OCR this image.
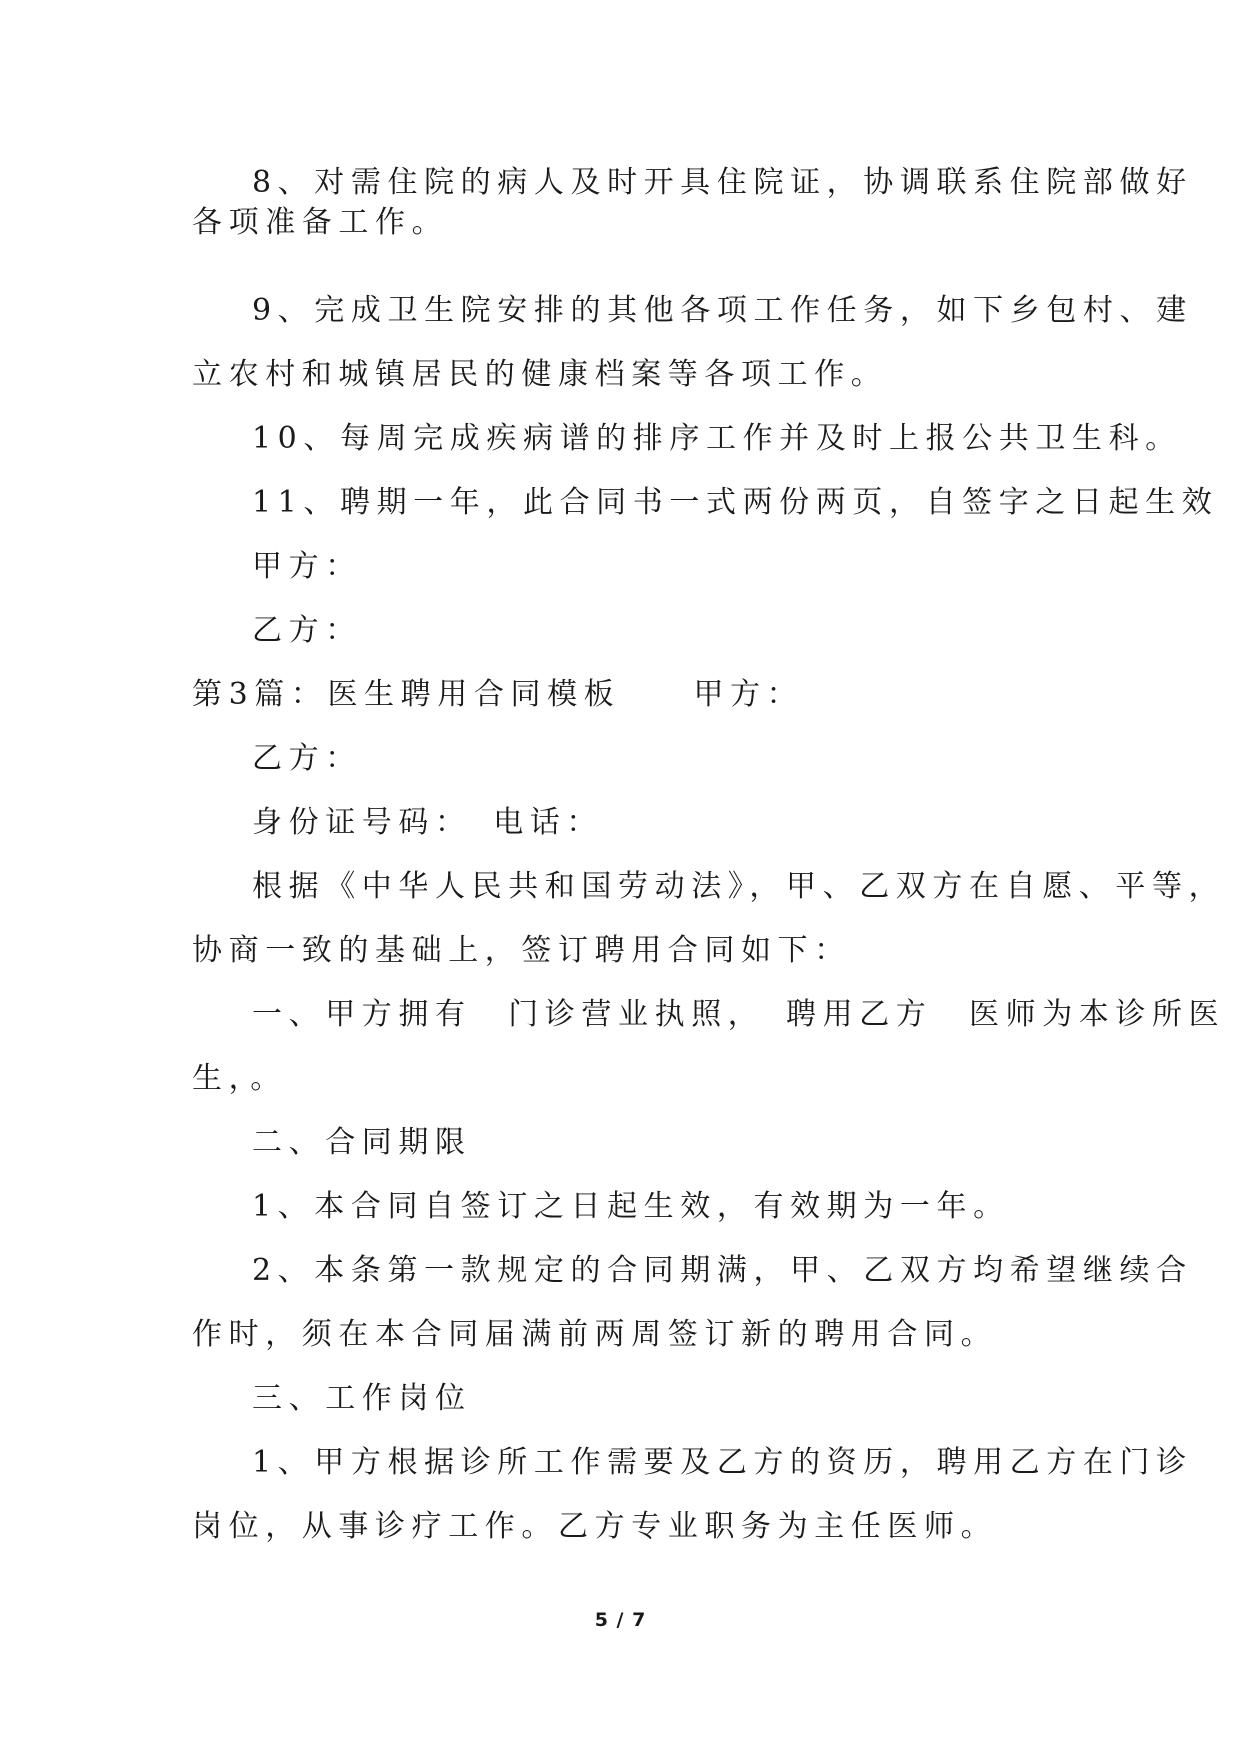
8、对需住院的病人及时开具住院证，协调联系住院部做好
各项准备工作。
9、完成卫生院安排的其他各项工作任务，如下乡包村、建
立农村和城镇居民的健康档案等各项工作。
10、每周完成疾病谱的排序工作并及时上报公共卫生科。
11、聘期一年，此合同书一式两份两页，自签字之日起生效
甲方：
乙方：
第3篇：医生聘用合同模板　　甲方：
乙方：
身份证号码：　电话：
根据《中华人民共和国劳动法》，甲、乙双方在自愿、平等，
协商一致的基础上，签订聘用合同如下：
一、甲方拥有　门诊营业执照，　聘用乙方　医师为本诊所医
生，。
二、合同期限
1、本合同自签订之日起生效，有效期为一年。
2、本条第一款规定的合同期满，甲、乙双方均希望继续合
作时，须在本合同届满前两周签订新的聘用合同。
三、工作岗位
1、甲方根据诊所工作需要及乙方的资历，聘用乙方在门诊
岗位，从事诊疗工作。乙方专业职务为主任医师。
5 / 7
